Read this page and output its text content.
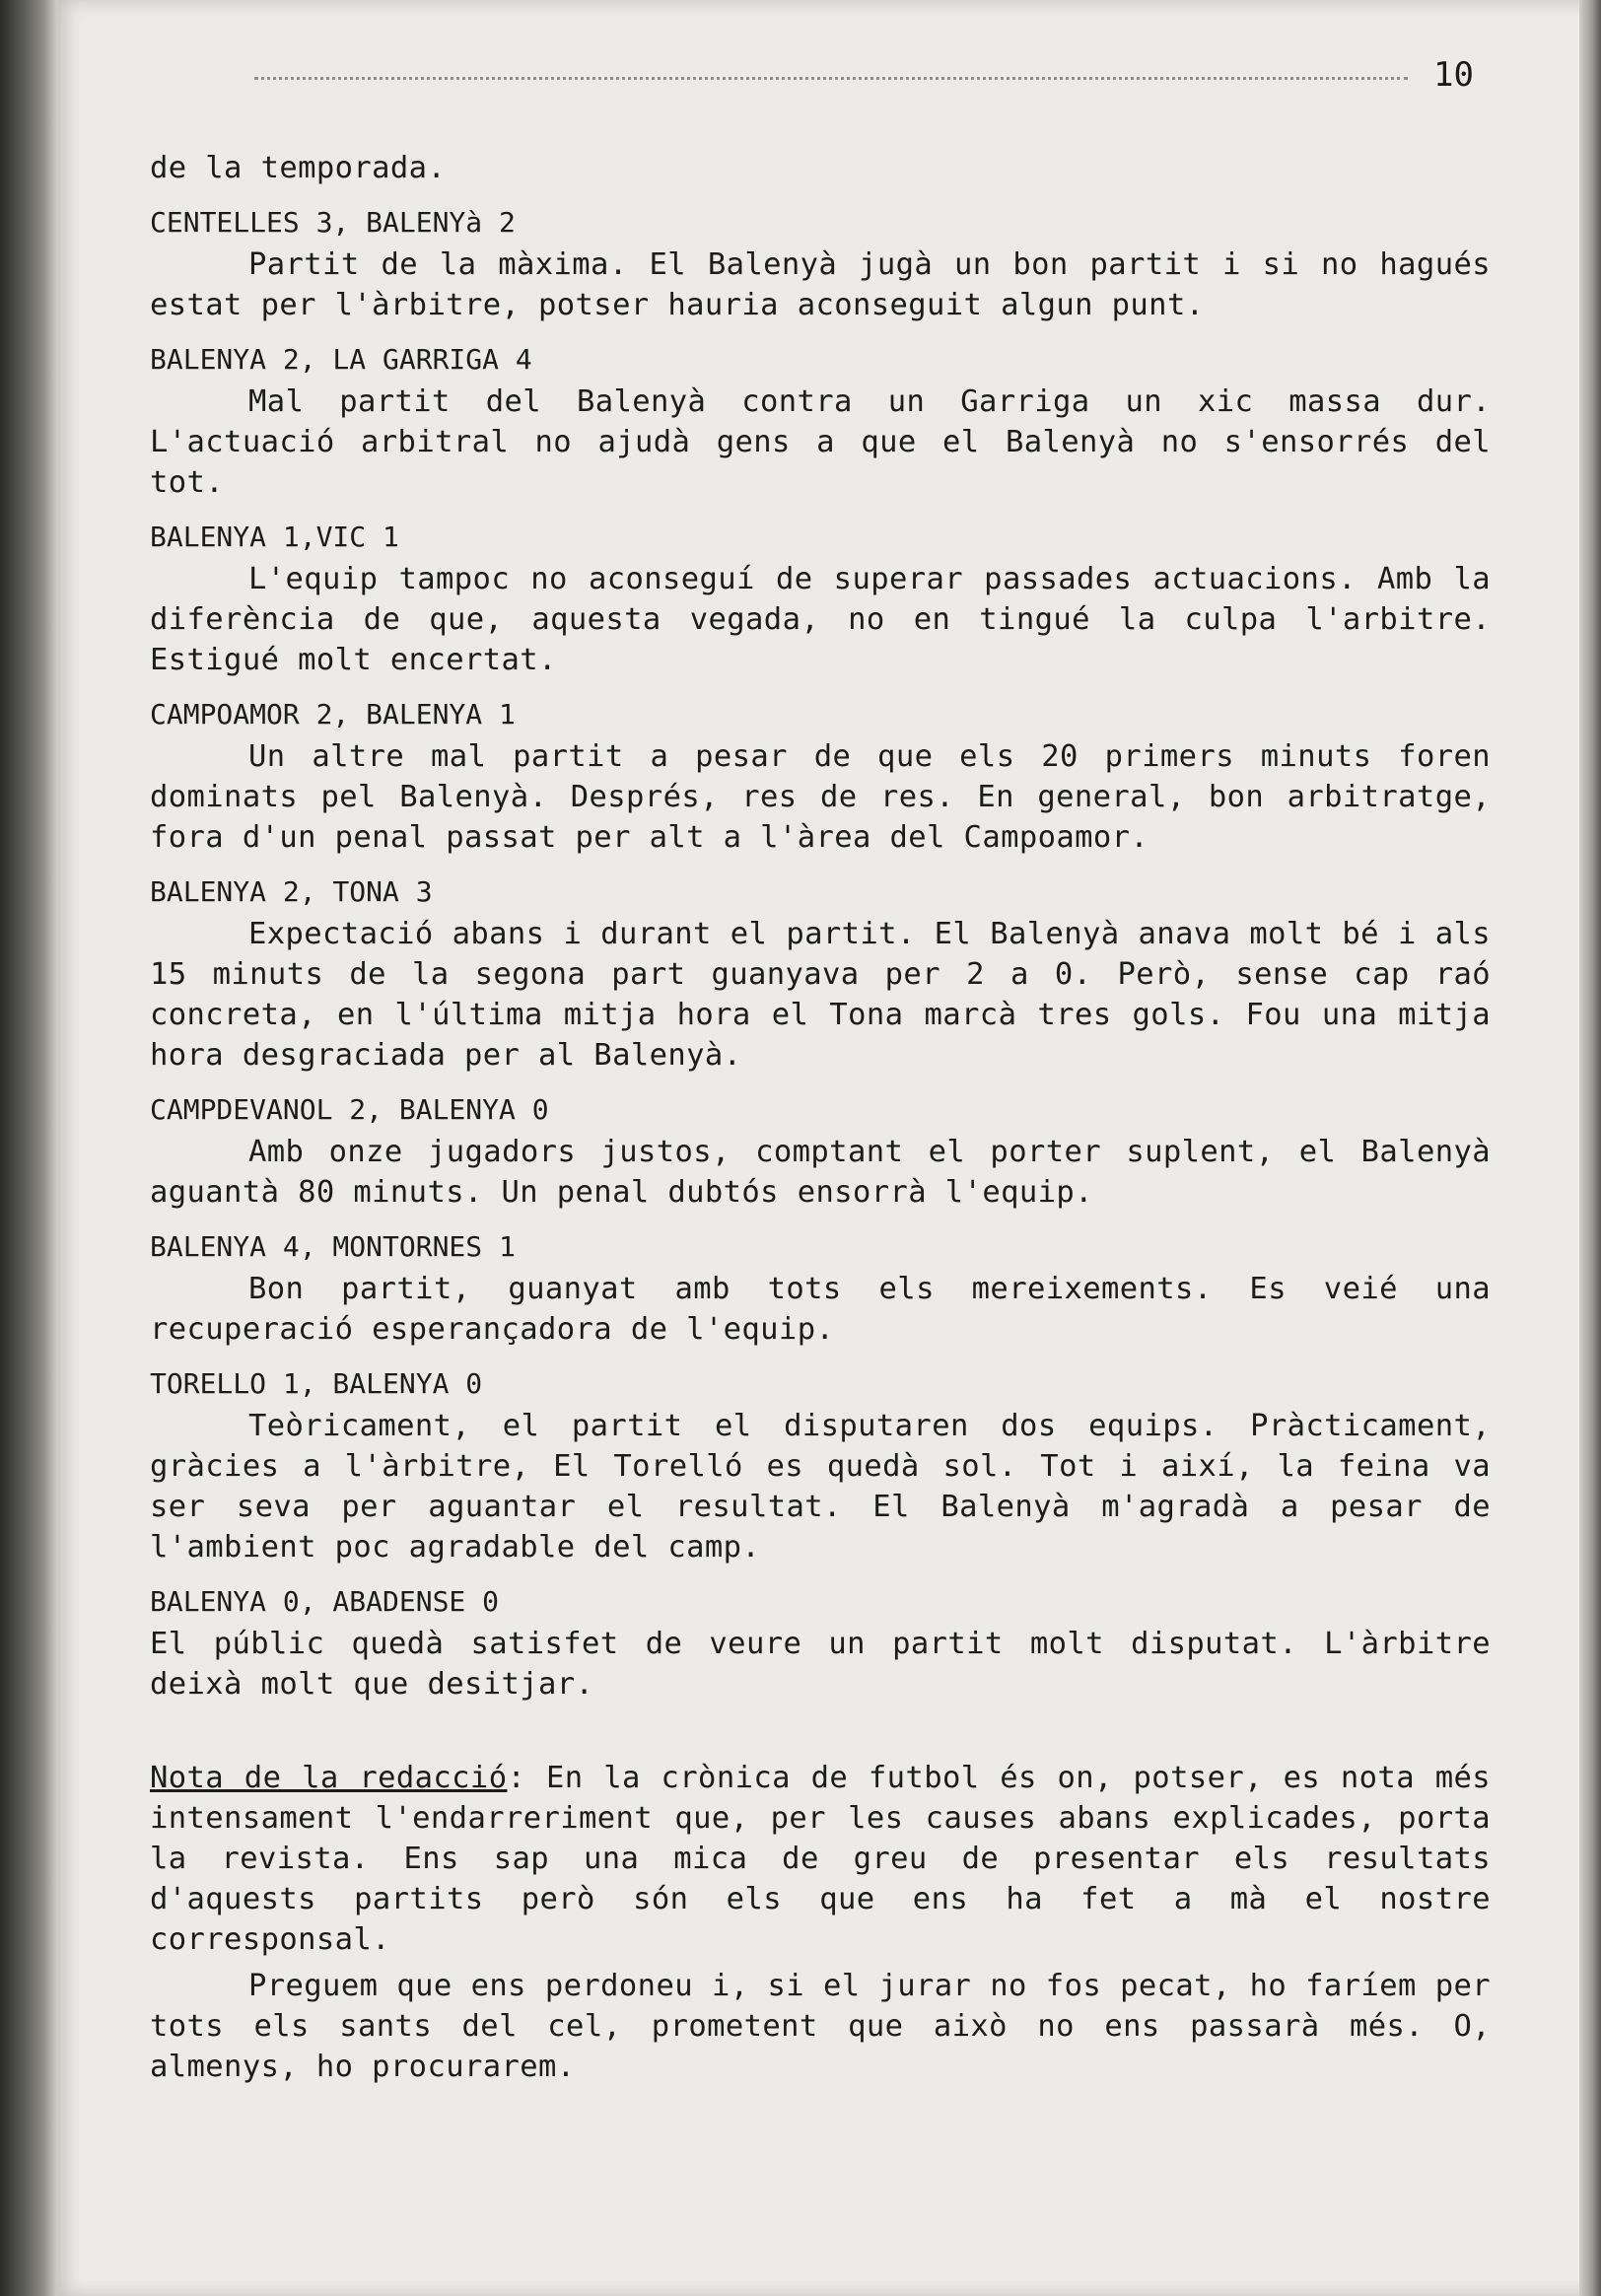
10

de la temporada.

CENTELLES 3, BALENYà 2

Partit de la màxima. El Balenyà jugà un bon partit i si no hagués estat per l'àrbitre, potser hauria aconseguit algun punt.

BALENYA 2, LA GARRIGA 4

Mal partit del Balenyà contra un Garriga un xic massa dur. L'actuació arbitral no ajudà gens a que el Balenyà no s'ensorrés del tot.

BALENYA 1,VIC 1

L'equip tampoc no aconseguí de superar passades actuacions. Amb la diferència de que, aquesta vegada, no en tingué la culpa l'arbitre. Estigué molt encertat.

CAMPOAMOR 2, BALENYA 1

Un altre mal partit a pesar de que els 20 primers minuts foren dominats pel Balenyà. Després, res de res. En general, bon arbitratge, fora d'un penal passat per alt a l'àrea del Campoamor.

BALENYA 2, TONA 3

Expectació abans i durant el partit. El Balenyà anava molt bé i als 15 minuts de la segona part guanyava per 2 a 0. Però, sense cap raó concreta, en l'última mitja hora el Tona marcà tres gols. Fou una mitja hora desgraciada per al Balenyà.

CAMPDEVANOL 2, BALENYA 0

Amb onze jugadors justos, comptant el porter suplent, el Balenyà aguantà 80 minuts. Un penal dubtós ensorrà l'equip.

BALENYA 4, MONTORNES 1

Bon partit, guanyat amb tots els mereixements. Es veié una recuperació esperançadora de l'equip.

TORELLO 1, BALENYA 0

Teòricament, el partit el disputaren dos equips. Pràcticament, gràcies a l'àrbitre, El Torelló es quedà sol. Tot i així, la feina va ser seva per aguantar el resultat. El Balenyà m'agradà a pesar de l'ambient poc agradable del camp.

BALENYA 0, ABADENSE 0

El públic quedà satisfet de veure un partit molt disputat. L'àrbitre deixà molt que desitjar.

Nota de la redacció: En la crònica de futbol és on, potser, es nota més intensament l'endarreriment que, per les causes abans explicades, porta la revista. Ens sap una mica de greu de presentar els resultats d'aquests partits però són els que ens ha fet a mà el nostre corresponsal.

Preguem que ens perdoneu i, si el jurar no fos pecat, ho faríem per tots els sants del cel, prometent que això no ens passarà més. O, almenys, ho procurarem.
